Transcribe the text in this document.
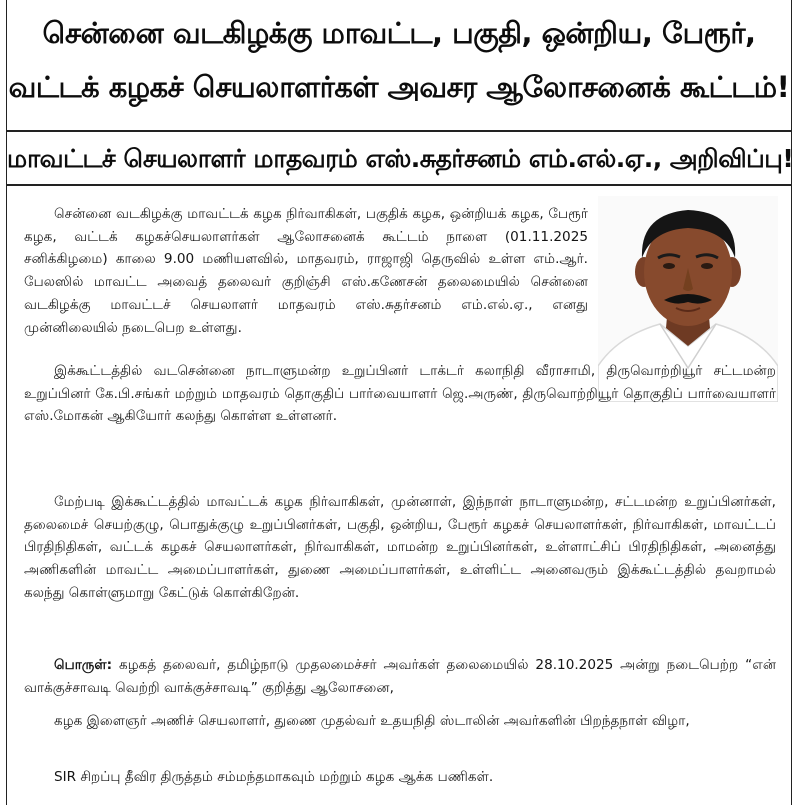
சென்னை வடகிழக்கு மாவட்ட, பகுதி, ஒன்றிய, பேரூர்,
வட்டக் கழகச் செயலாளர்கள் அவசர ஆலோசனைக் கூட்டம்!
மாவட்டச் செயலாளர் மாதவரம் எஸ்.சுதர்சனம் எம்.எல்.ஏ., அறிவிப்பு!

சென்னை வடகிழக்கு மாவட்டக் கழக நிர்வாகிகள், பகுதிக் கழக, ஒன்றியக் கழக, பேரூர் கழக, வட்டக் கழகச்செயலாளர்கள் ஆலோசனைக் கூட்டம் நாளை (01.11.2025 சனிக்கிழமை) காலை 9.00 மணியளவில், மாதவரம், ராஜாஜி தெருவில் உள்ள எம்.ஆர். பேலஸில் மாவட்ட அவைத் தலைவர் குறிஞ்சி எஸ்.கணேசன் தலைமையில் சென்னை வடகிழக்கு மாவட்டச் செயலாளர் மாதவரம் எஸ்.சுதர்சனம் எம்.எல்.ஏ., எனது முன்னிலையில் நடைபெற உள்ளது.

இக்கூட்டத்தில் வடசென்னை நாடாளுமன்ற உறுப்பினர் டாக்டர் கலாநிதி வீராசாமி, திருவொற்றியூர் சட்டமன்ற உறுப்பினர் கே.பி.சங்கர் மற்றும் மாதவரம் தொகுதிப் பார்வையாளர் ஜெ.அருண், திருவொற்றியூர் தொகுதிப் பார்வையாளர் எஸ்.மோகன் ஆகியோர் கலந்து கொள்ள உள்ளனர்.

மேற்படி இக்கூட்டத்தில் மாவட்டக் கழக நிர்வாகிகள், முன்னாள், இந்நாள் நாடாளுமன்ற, சட்டமன்ற உறுப்பினர்கள், தலைமைச் செயற்குழு, பொதுக்குழு உறுப்பினர்கள், பகுதி, ஒன்றிய, பேரூர் கழகச் செயலாளர்கள், நிர்வாகிகள், மாவட்டப் பிரதிநிதிகள், வட்டக் கழகச் செயலாளர்கள், நிர்வாகிகள், மாமன்ற உறுப்பினர்கள், உள்ளாட்சிப் பிரதிநிதிகள், அனைத்து அணிகளின் மாவட்ட அமைப்பாளர்கள், துணை அமைப்பாளர்கள், உள்ளிட்ட அனைவரும் இக்கூட்டத்தில் தவறாமல் கலந்து கொள்ளுமாறு கேட்டுக் கொள்கிறேன்.

பொருள்: கழகத் தலைவர், தமிழ்நாடு முதலமைச்சர் அவர்கள் தலைமையில் 28.10.2025 அன்று நடைபெற்ற “என் வாக்குச்சாவடி வெற்றி வாக்குச்சாவடி” குறித்து ஆலோசனை,

கழக இளைஞர் அணிச் செயலாளர், துணை முதல்வர் உதயநிதி ஸ்டாலின் அவர்களின் பிறந்தநாள் விழா,

SIR சிறப்பு தீவிர திருத்தம் சம்மந்தமாகவும் மற்றும் கழக ஆக்க பணிகள்.
